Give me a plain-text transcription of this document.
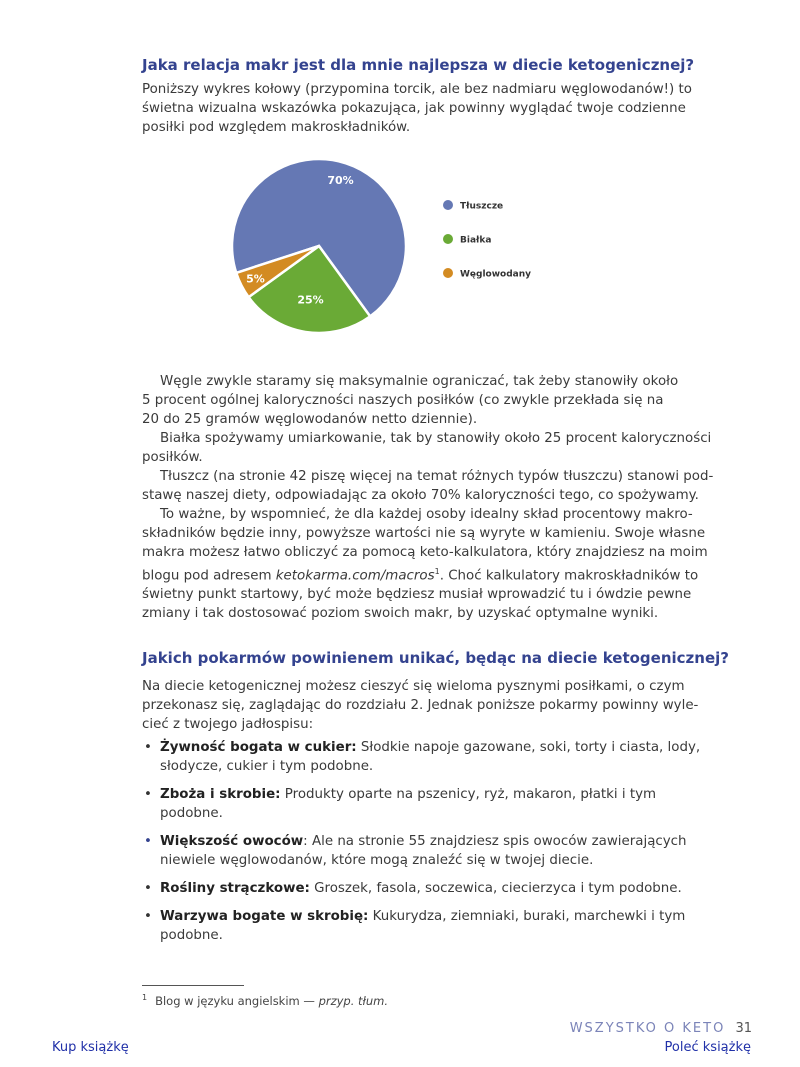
Jaka relacja makr jest dla mnie najlepsza w diecie ketogenicznej?

Poniższy wykres kołowy (przypomina torcik, ale bez nadmiaru węglowodanów!) to
świetna wizualna wskazówka pokazująca, jak powinny wyglądać twoje codzienne
posiłki pod względem makroskładników.

70%
25%
5%
Tłuszcze
Białka
Węglowodany

Węgle zwykle staramy się maksymalnie ograniczać, tak żeby stanowiły około
5 procent ogólnej kaloryczności naszych posiłków (co zwykle przekłada się na
20 do 25 gramów węglowodanów netto dziennie).

Białka spożywamy umiarkowanie, tak by stanowiły około 25 procent kaloryczności
posiłków.

Tłuszcz (na stronie 42 piszę więcej na temat różnych typów tłuszczu) stanowi pod-
stawę naszej diety, odpowiadając za około 70% kaloryczności tego, co spożywamy.

To ważne, by wspomnieć, że dla każdej osoby idealny skład procentowy makro-
składników będzie inny, powyższe wartości nie są wyryte w kamieniu. Swoje własne
makra możesz łatwo obliczyć za pomocą keto-kalkulatora, który znajdziesz na moim
blogu pod adresem ketokarma.com/macros$^1$. Choć kalkulatory makroskładników to
świetny punkt startowy, być może będziesz musiał wprowadzić tu i ówdzie pewne
zmiany i tak dostosować poziom swoich makr, by uzyskać optymalne wyniki.

Jakich pokarmów powinienem unikać, będąc na diecie ketogenicznej?

Na diecie ketogenicznej możesz cieszyć się wieloma pysznymi posiłkami, o czym
przekonasz się, zaglądając do rozdziału 2. Jednak poniższe pokarmy powinny wyle-
cieć z twojego jadłospisu:

• Żywność bogata w cukier: Słodkie napoje gazowane, soki, torty i ciasta, lody,
słodycze, cukier i tym podobne.
• Zboża i skrobie: Produkty oparte na pszenicy, ryż, makaron, płatki i tym podobne.
• Większość owoców: Ale na stronie 55 znajdziesz spis owoców zawierających
niewiele węglowodanów, które mogą znaleźć się w twojej diecie.
• Rośliny strączkowe: Groszek, fasola, soczewica, ciecierzyca i tym podobne.
• Warzywa bogate w skrobię: Kukurydza, ziemniaki, buraki, marchewki i tym
podobne.

$^1$ Blog w języku angielskim — przyp. tłum.

WSZYSTKO O KETO 31
Kup książkę	Poleć książkę
